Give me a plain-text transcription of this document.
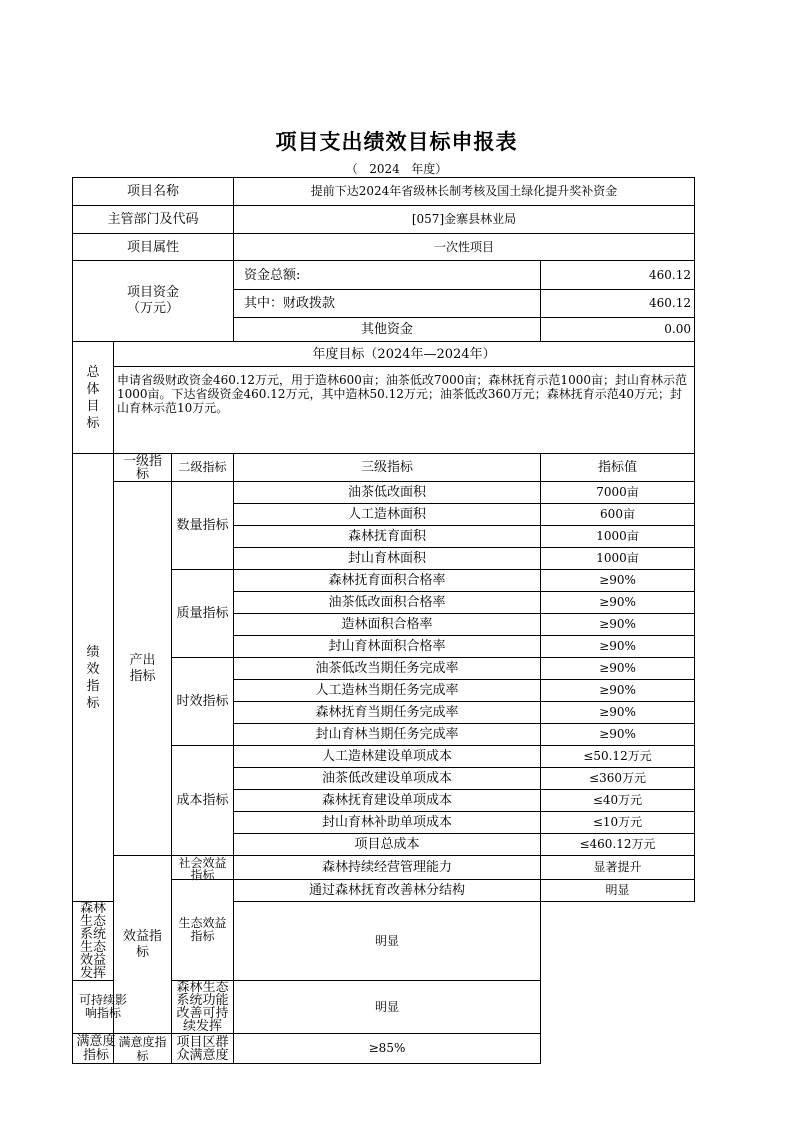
项目支出绩效目标申报表
（   2024   年度）
项目名称			提前下达2024年省级林长制考核及国土绿化提升奖补资金	
主管部门及代码			[057]金寨县林业局	
项目属性			一次性项目	
项目资金
（万元）			资金总额:	460.12
			其中：财政拨款	460.12
			其他资金	0.00
总体目标	年度目标（2024年—2024年）			
	申请省级财政资金460.12万元，用于造林600亩；油茶低改7000亩；森林抚育示范1000亩；封山育林示范1000亩。下达省级资金460.12万元，其中造林50.12万元；油茶低改360万元；森林抚育示范40万元；封山育林示范10万元。			
绩效指标	一级指标	二级指标	三级指标	指标值
	产出指标	数量指标	油茶低改面积	7000亩
			人工造林面积	600亩
			森林抚育面积	1000亩
			封山育林面积	1000亩
		质量指标	森林抚育面积合格率	≥90%
			油茶低改面积合格率	≥90%
			造林面积合格率	≥90%
			封山育林面积合格率	≥90%
		时效指标	油茶低改当期任务完成率	≥90%
			人工造林当期任务完成率	≥90%
			森林抚育当期任务完成率	≥90%
			封山育林当期任务完成率	≥90%
		成本指标	人工造林建设单项成本	≤50.12万元
			油茶低改建设单项成本	≤360万元
			森林抚育建设单项成本	≤40万元
			封山育林补助单项成本	≤10万元
			项目总成本	≤460.12万元
	效益指标	社会效益指标	森林持续经营管理能力	显著提升
		生态效益指标	通过森林抚育改善林分结构	明显
森林生态系统生态效益发挥			明显	
可持续影响指标		森林生态系统功能改善可持续发挥	明显	

满意度指标	满意度指标	项目区群众满意度	≥85%	
